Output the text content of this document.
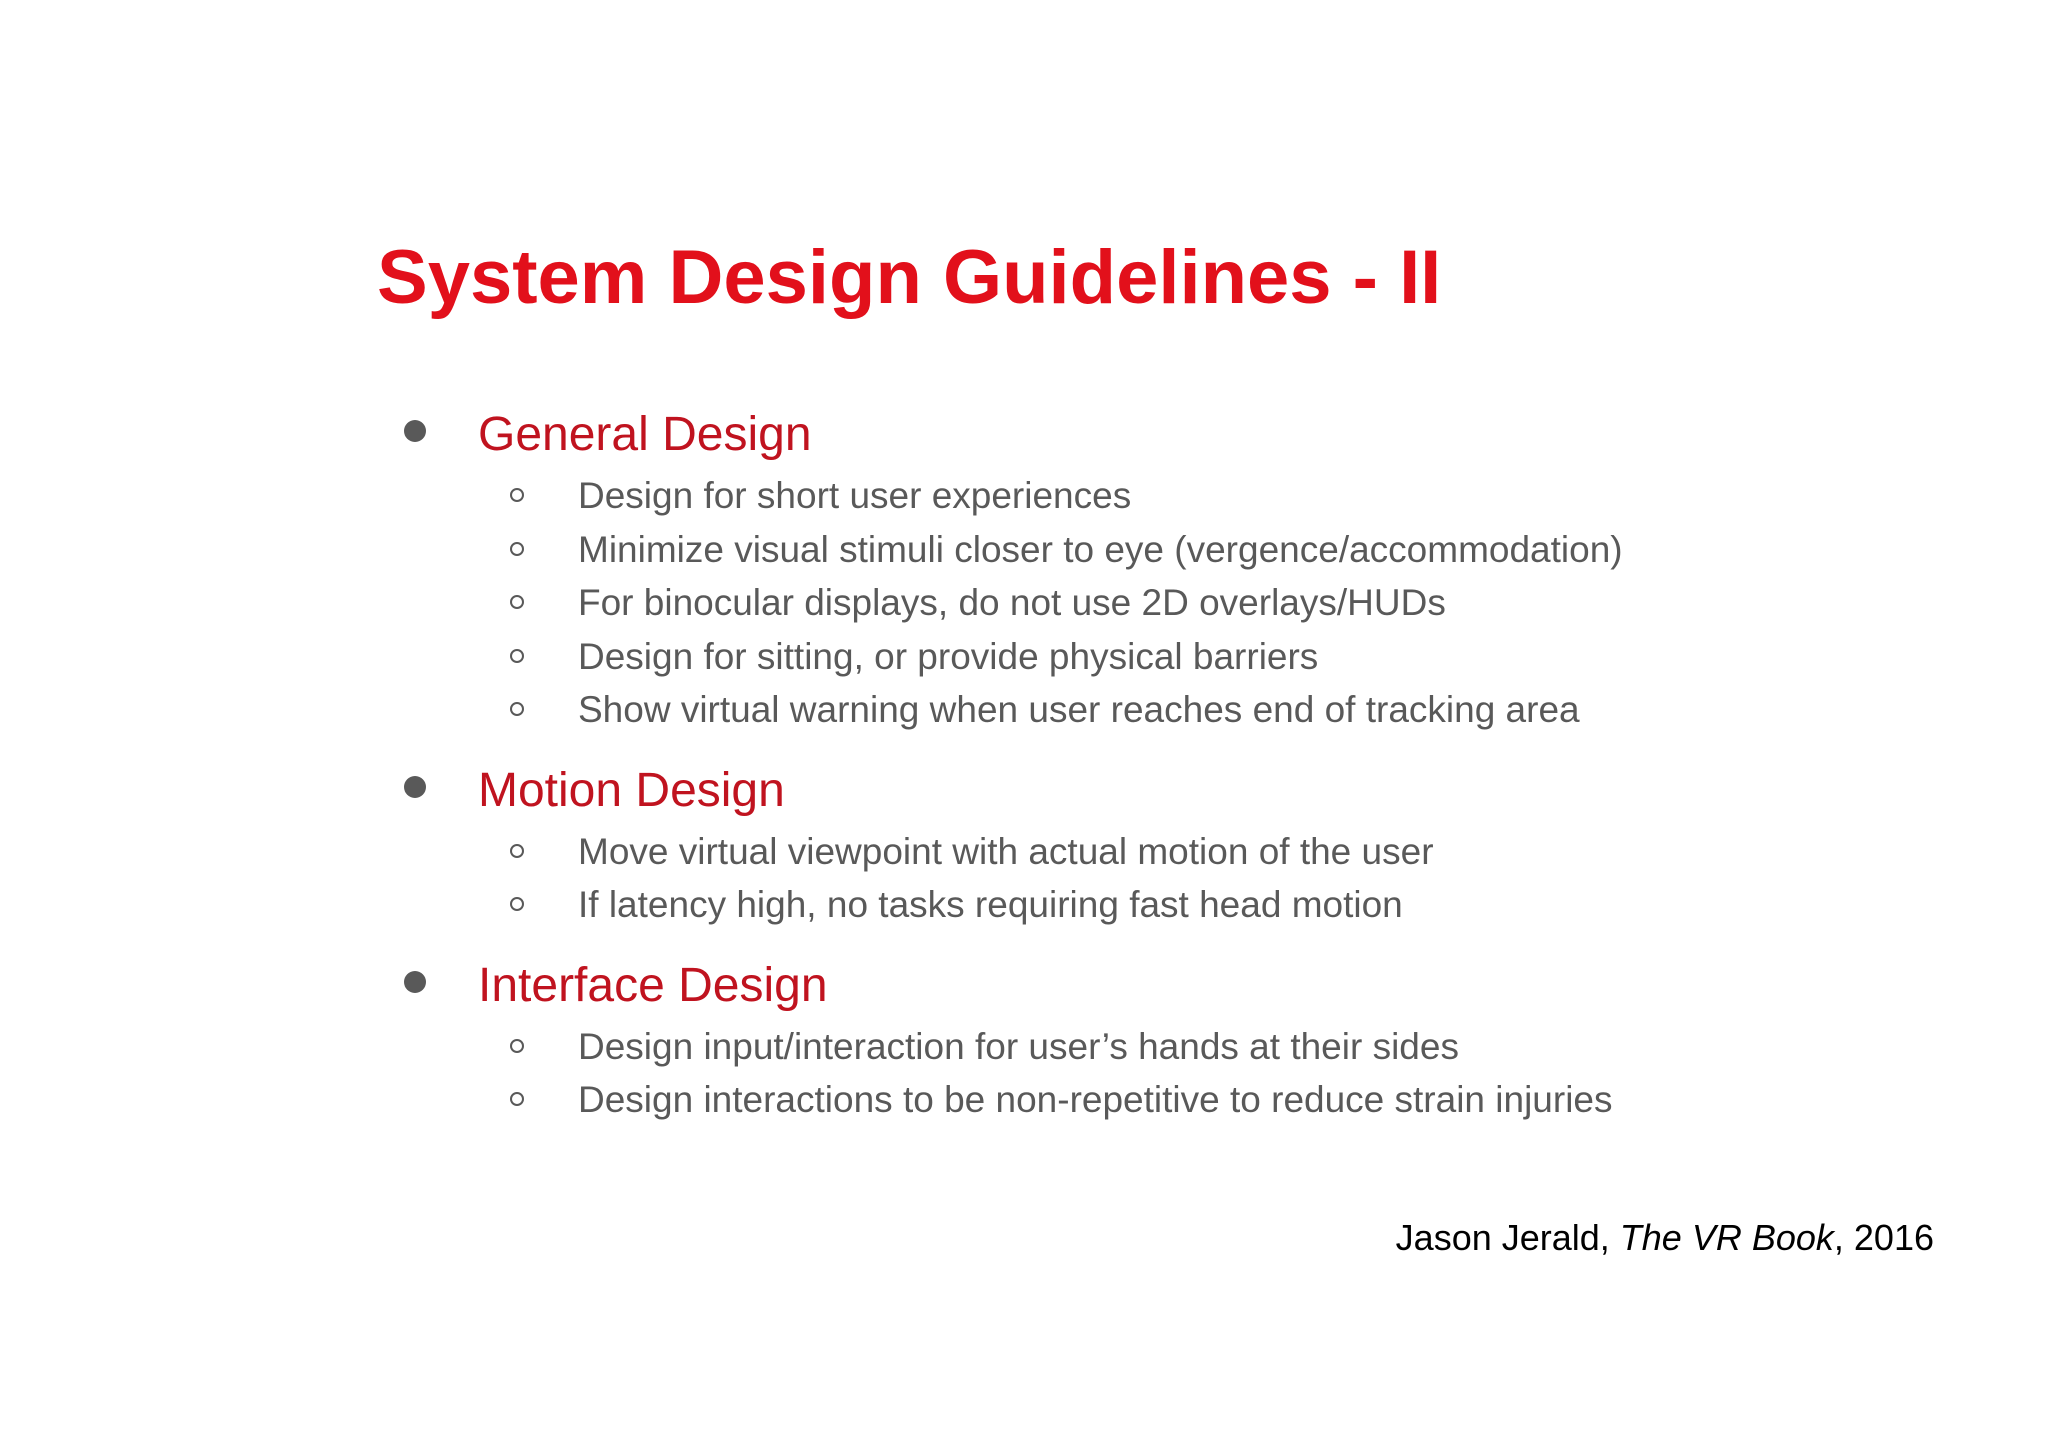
System Design Guidelines - II
General Design
Design for short user experiences
Minimize visual stimuli closer to eye (vergence/accommodation)
For binocular displays, do not use 2D overlays/HUDs
Design for sitting, or provide physical barriers
Show virtual warning when user reaches end of tracking area
Motion Design
Move virtual viewpoint with actual motion of the user
If latency high, no tasks requiring fast head motion
Interface Design
Design input/interaction for user’s hands at their sides
Design interactions to be non-repetitive to reduce strain injuries
Jason Jerald, The VR Book, 2016
